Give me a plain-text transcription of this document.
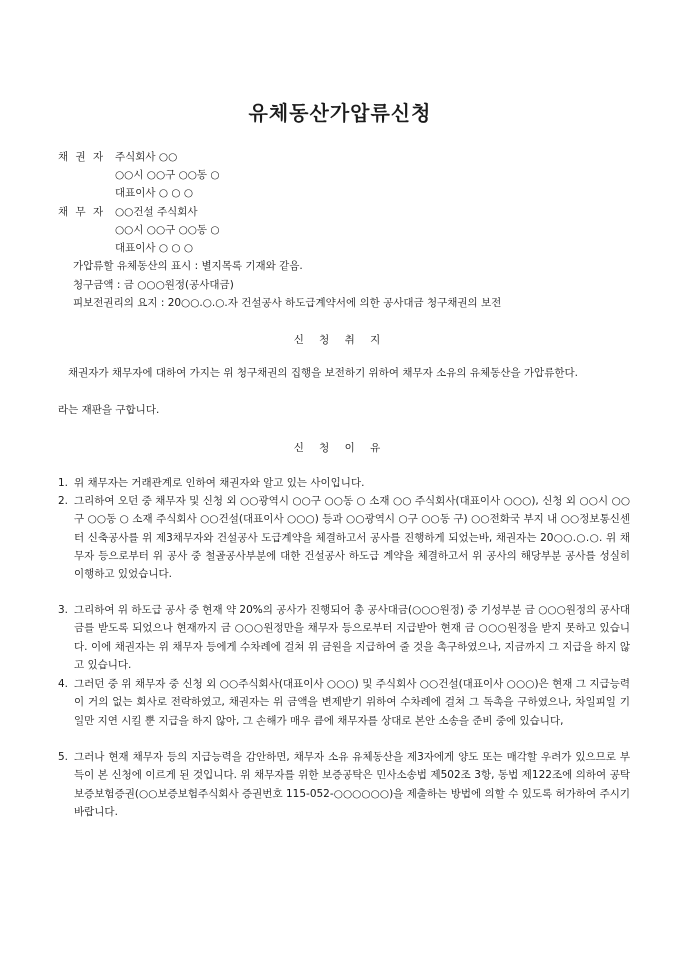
유체동산가압류신청
채 권 자 주식회사 ○○
○○시 ○○구 ○○동 ○
대표이사 ○ ○ ○
채 무 자 ○○건설 주식회사
○○시 ○○구 ○○동 ○
대표이사 ○ ○ ○
가압류할 유체동산의 표시 : 별지목록 기재와 같음.
청구금액 : 금 ○○○원정(공사대금)
피보전권리의 요지 : 20○○.○.○.자 건설공사 하도급계약서에 의한 공사대금 청구채권의 보전
신 청 취 지
채권자가 채무자에 대하여 가지는 위 청구채권의 집행을 보전하기 위하여 채무자 소유의 유체동산을 가압류한다.
라는 재판을 구합니다.
신 청 이 유
1. 위 채무자는 거래관계로 인하여 채권자와 알고 있는 사이입니다.
2. 그리하여 오던 중 채무자 및 신청 외 ○○광역시 ○○구 ○○동 ○ 소재 ○○ 주식회사(대표이사 ○○○), 신청 외 ○○시 ○○구 ○○동 ○ 소재 주식회사 ○○건설(대표이사 ○○○) 등과 ○○광역시 ○구 ○○동 구) ○○전화국 부지 내 ○○정보통신센터 신축공사를 위 제3채무자와 건설공사 도급계약을 체결하고서 공사를 진행하게 되었는바, 채권자는 20○○.○.○. 위 채무자 등으로부터 위 공사 중 철골공사부분에 대한 건설공사 하도급 계약을 체결하고서 위 공사의 해당부분 공사를 성실히 이행하고 있었습니다.
3. 그리하여 위 하도급 공사 중 현재 약 20%의 공사가 진행되어 총 공사대금(○○○원정) 중 기성부분 금 ○○○원정의 공사대금를 받도록 되었으나 현재까지 금 ○○○원정만을 채무자 등으로부터 지급받아 현재 금 ○○○원정을 받지 못하고 있습니다. 이에 채권자는 위 채무자 등에게 수차례에 걸쳐 위 금원을 지급하여 줄 것을 촉구하였으나, 지금까지 그 지급을 하지 않고 있습니다.
4. 그러던 중 위 채무자 중 신청 외 ○○주식회사(대표이사 ○○○) 및 주식회사 ○○건설(대표이사 ○○○)은 현재 그 지급능력이 거의 없는 회사로 전락하였고, 채권자는 위 금액을 변제받기 위하여 수차례에 걸쳐 그 독촉을 구하였으나, 차일피일 기일만 지연 시킬 뿐 지급을 하지 않아, 그 손해가 매우 큼에 채무자를 상대로 본안 소송을 준비 중에 있습니다,
5. 그러나 현재 채무자 등의 지급능력을 감안하면, 채무자 소유 유체동산을 제3자에게 양도 또는 매각할 우려가 있으므로 부득이 본 신청에 이르게 된 것입니다. 위 채무자를 위한 보증공탁은 민사소송법 제502조 3항, 동법 제122조에 의하여 공탁보증보험증권(○○보증보험주식회사 증권번호 115-052-○○○○○○)을 제출하는 방법에 의할 수 있도록 허가하여 주시기 바랍니다.
